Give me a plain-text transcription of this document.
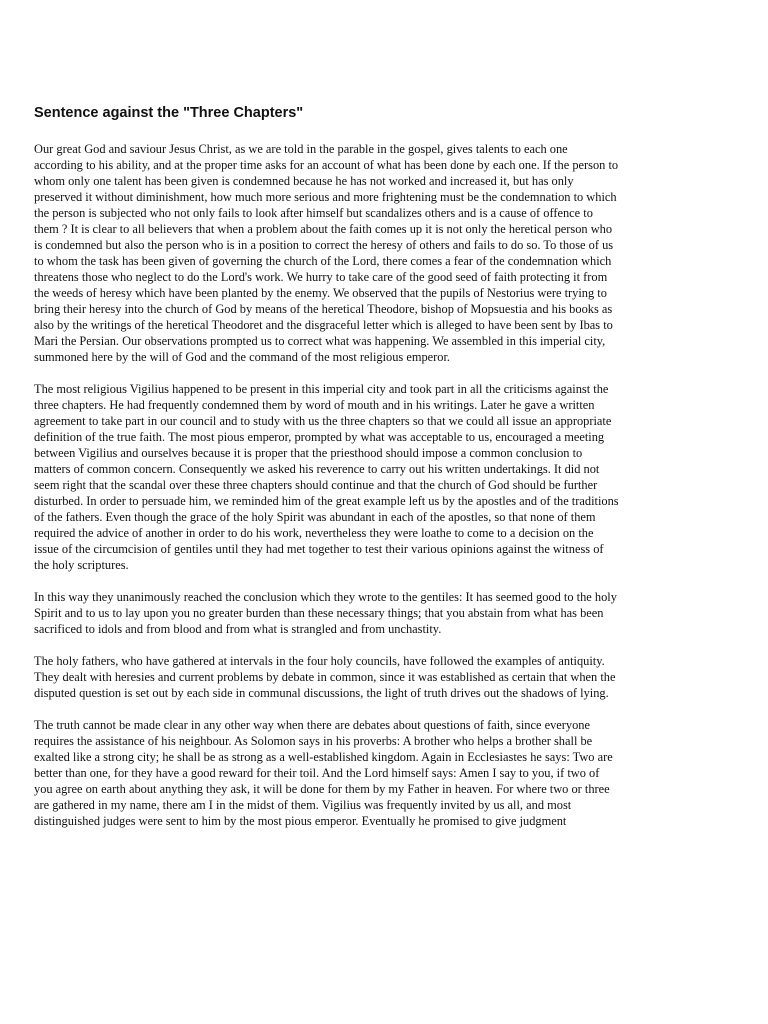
Sentence against the "Three Chapters"

Our great God and saviour Jesus Christ, as we are told in the parable in the gospel, gives talents to each one
according to his ability, and at the proper time asks for an account of what has been done by each one. If the person to
whom only one talent has been given is condemned because he has not worked and increased it, but has only
preserved it without diminishment, how much more serious and more frightening must be the condemnation to which
the person is subjected who not only fails to look after himself but scandalizes others and is a cause of offence to
them ? It is clear to all believers that when a problem about the faith comes up it is not only the heretical person who
is condemned but also the person who is in a position to correct the heresy of others and fails to do so. To those of us
to whom the task has been given of governing the church of the Lord, there comes a fear of the condemnation which
threatens those who neglect to do the Lord's work. We hurry to take care of the good seed of faith protecting it from
the weeds of heresy which have been planted by the enemy. We observed that the pupils of Nestorius were trying to
bring their heresy into the church of God by means of the heretical Theodore, bishop of Mopsuestia and his books as
also by the writings of the heretical Theodoret and the disgraceful letter which is alleged to have been sent by Ibas to
Mari the Persian. Our observations prompted us to correct what was happening. We assembled in this imperial city,
summoned here by the will of God and the command of the most religious emperor.

The most religious Vigilius happened to be present in this imperial city and took part in all the criticisms against the
three chapters. He had frequently condemned them by word of mouth and in his writings. Later he gave a written
agreement to take part in our council and to study with us the three chapters so that we could all issue an appropriate
definition of the true faith. The most pious emperor, prompted by what was acceptable to us, encouraged a meeting
between Vigilius and ourselves because it is proper that the priesthood should impose a common conclusion to
matters of common concern. Consequently we asked his reverence to carry out his written undertakings. It did not
seem right that the scandal over these three chapters should continue and that the church of God should be further
disturbed. In order to persuade him, we reminded him of the great example left us by the apostles and of the traditions
of the fathers. Even though the grace of the holy Spirit was abundant in each of the apostles, so that none of them
required the advice of another in order to do his work, nevertheless they were loathe to come to a decision on the
issue of the circumcision of gentiles until they had met together to test their various opinions against the witness of
the holy scriptures.

In this way they unanimously reached the conclusion which they wrote to the gentiles: It has seemed good to the holy
Spirit and to us to lay upon you no greater burden than these necessary things; that you abstain from what has been
sacrificed to idols and from blood and from what is strangled and from unchastity.

The holy fathers, who have gathered at intervals in the four holy councils, have followed the examples of antiquity.
They dealt with heresies and current problems by debate in common, since it was established as certain that when the
disputed question is set out by each side in communal discussions, the light of truth drives out the shadows of lying.

The truth cannot be made clear in any other way when there are debates about questions of faith, since everyone
requires the assistance of his neighbour. As Solomon says in his proverbs: A brother who helps a brother shall be
exalted like a strong city; he shall be as strong as a well-established kingdom. Again in Ecclesiastes he says: Two are
better than one, for they have a good reward for their toil. And the Lord himself says: Amen I say to you, if two of
you agree on earth about anything they ask, it will be done for them by my Father in heaven. For where two or three
are gathered in my name, there am I in the midst of them. Vigilius was frequently invited by us all, and most
distinguished judges were sent to him by the most pious emperor. Eventually he promised to give judgment
